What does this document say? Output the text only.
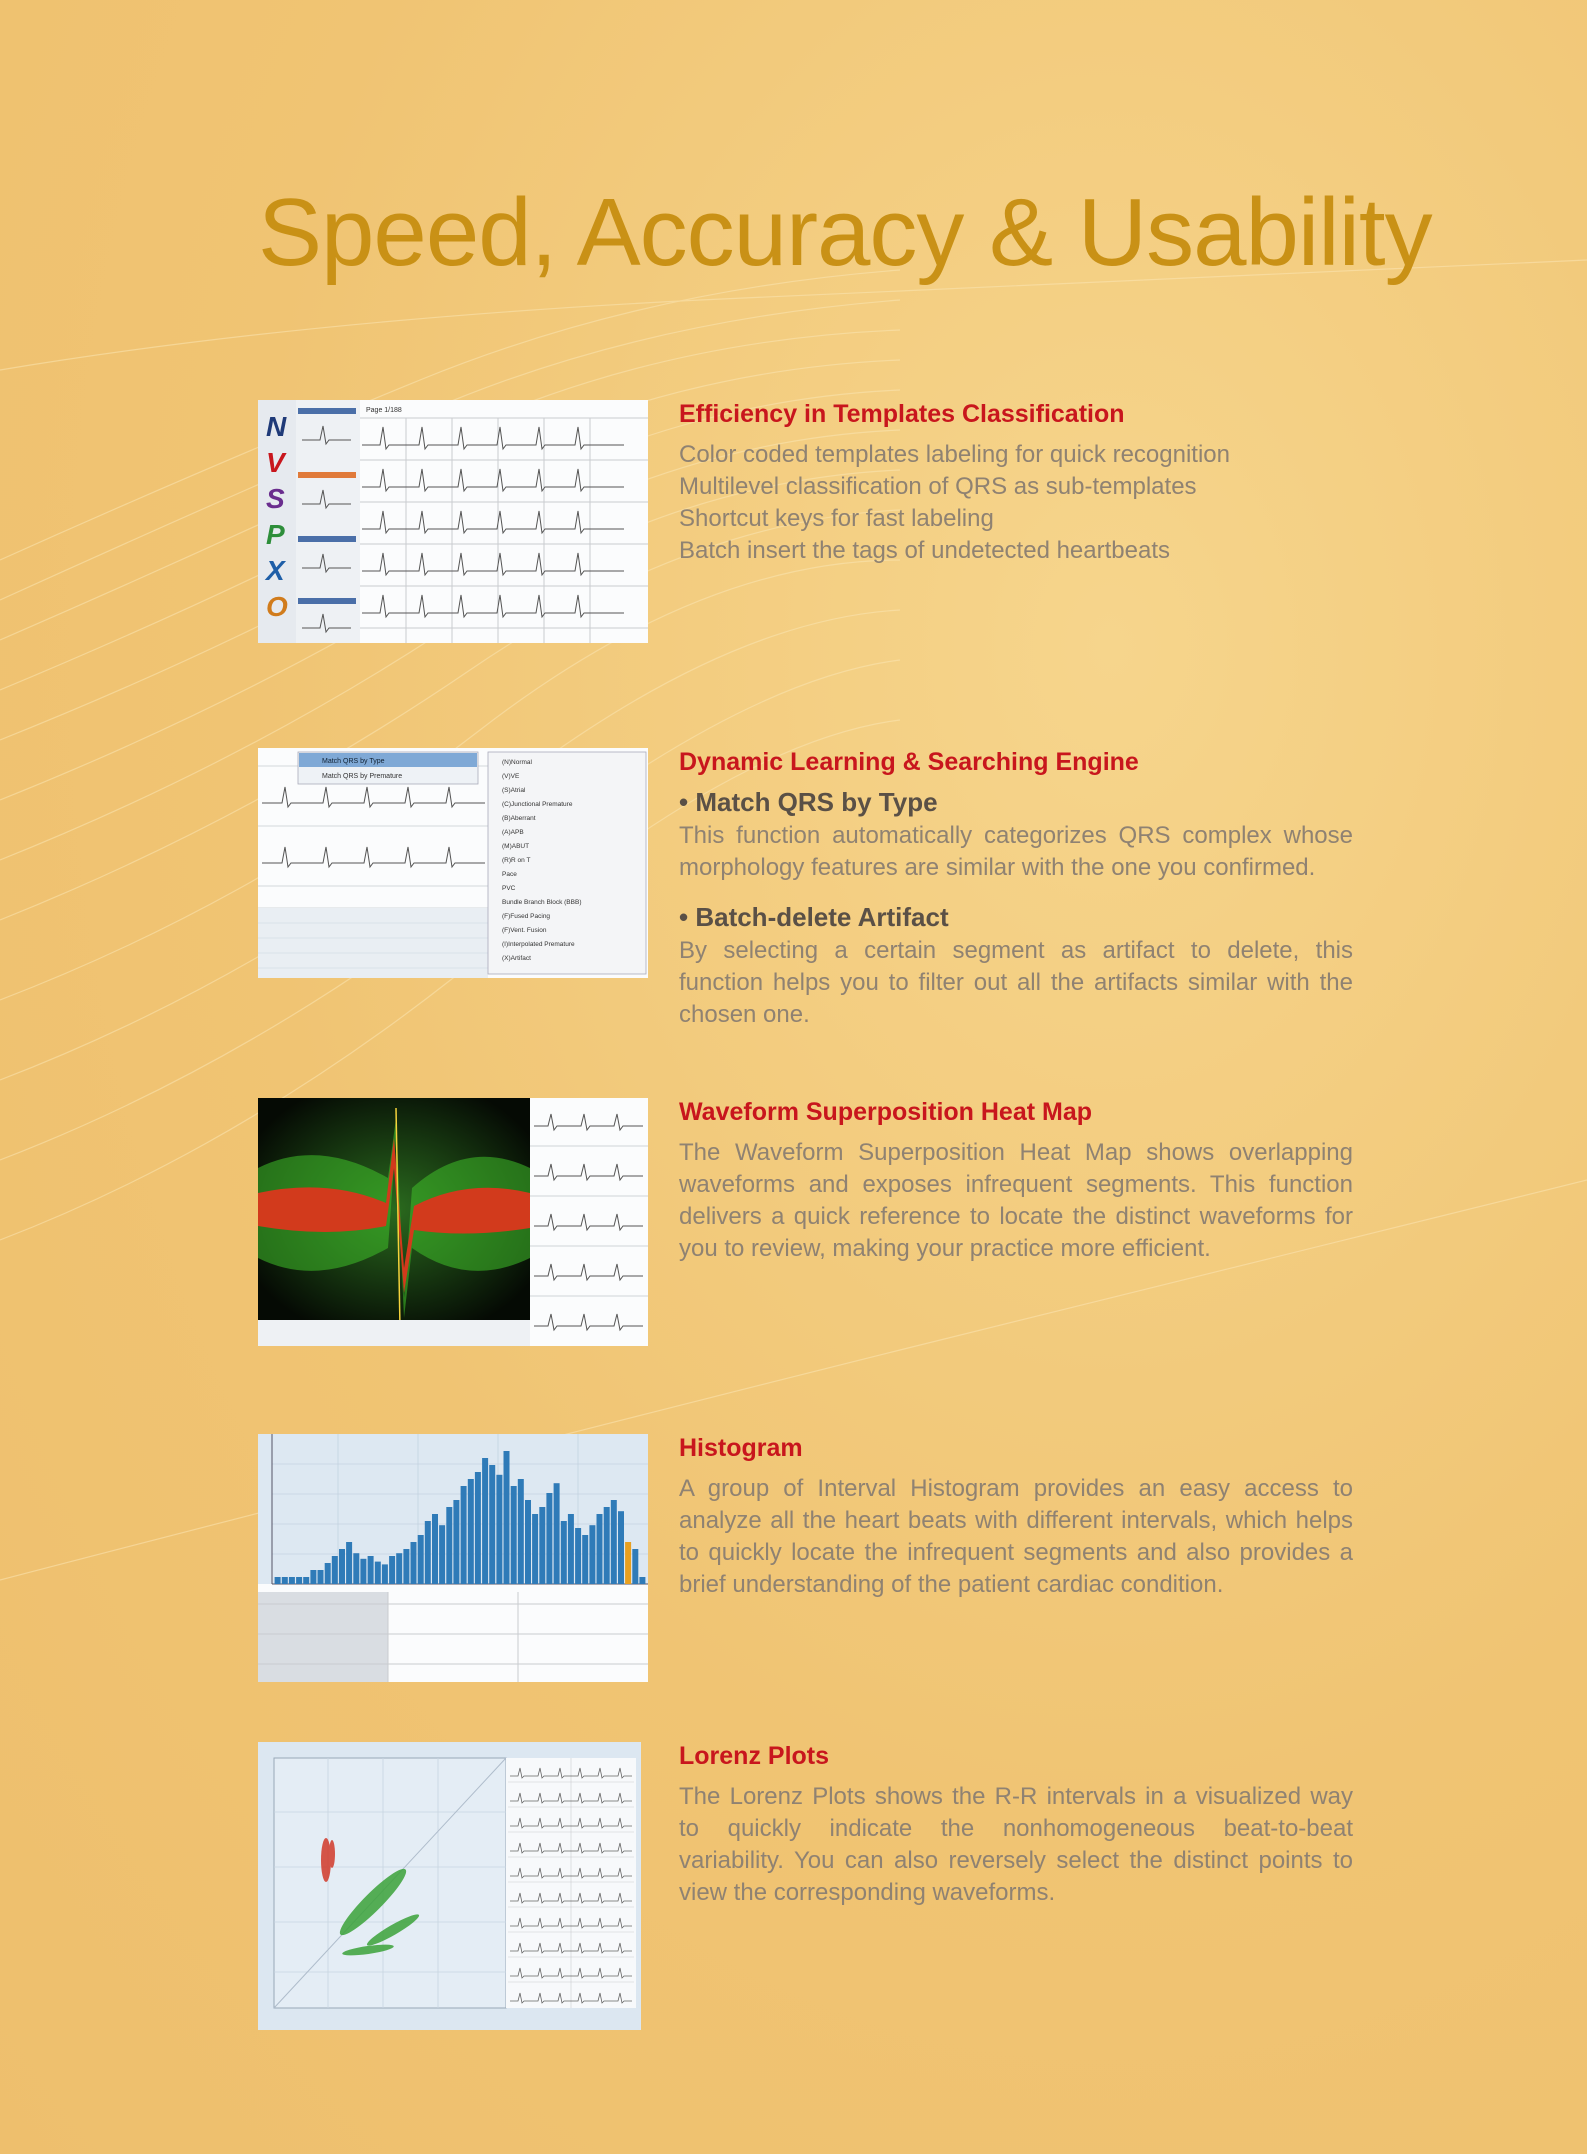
Speed, Accuracy & Usability
Page 1/188
N
V
S
P
X
O
Efficiency in Templates Classification

Color coded templates labeling for quick recognition

Multilevel classification of QRS as sub-templates

Shortcut keys for fast labeling

Batch insert the tags of undetected heartbeats

Match QRS by Type
Match QRS by Premature
(N)Normal
(V)VE
(S)Atrial
(C)Junctional Premature
(B)Aberrant
(A)APB
(M)ABUT
(R)R on T
Pace
PVC
Bundle Branch Block (BBB)
(F)Fused Pacing
(F)Vent. Fusion
(I)Interpolated Premature
(X)Artifact
Dynamic Learning & Searching Engine
• Match QRS by Type

This function automatically categorizes QRS complex whose morphology features are similar with the one you confirmed.

• Batch-delete Artifact

By selecting a certain segment as artifact to delete, this function helps you to filter out all the artifacts similar with the chosen one.

Waveform Superposition Heat Map

The Waveform Superposition Heat Map shows overlapping waveforms and exposes infrequent segments. This function delivers a quick reference to locate the distinct waveforms for you to review, making your practice more efficient.

Histogram

A group of Interval Histogram provides an easy access to analyze all the heart beats with different intervals, which helps to quickly locate the infrequent segments and also provides a brief understanding of the patient cardiac condition.

Lorenz Plots

The Lorenz Plots shows the R-R intervals in a visualized way to quickly indicate the nonhomogeneous beat-to-beat variability. You can also reversely select the distinct points to view the corresponding waveforms.
